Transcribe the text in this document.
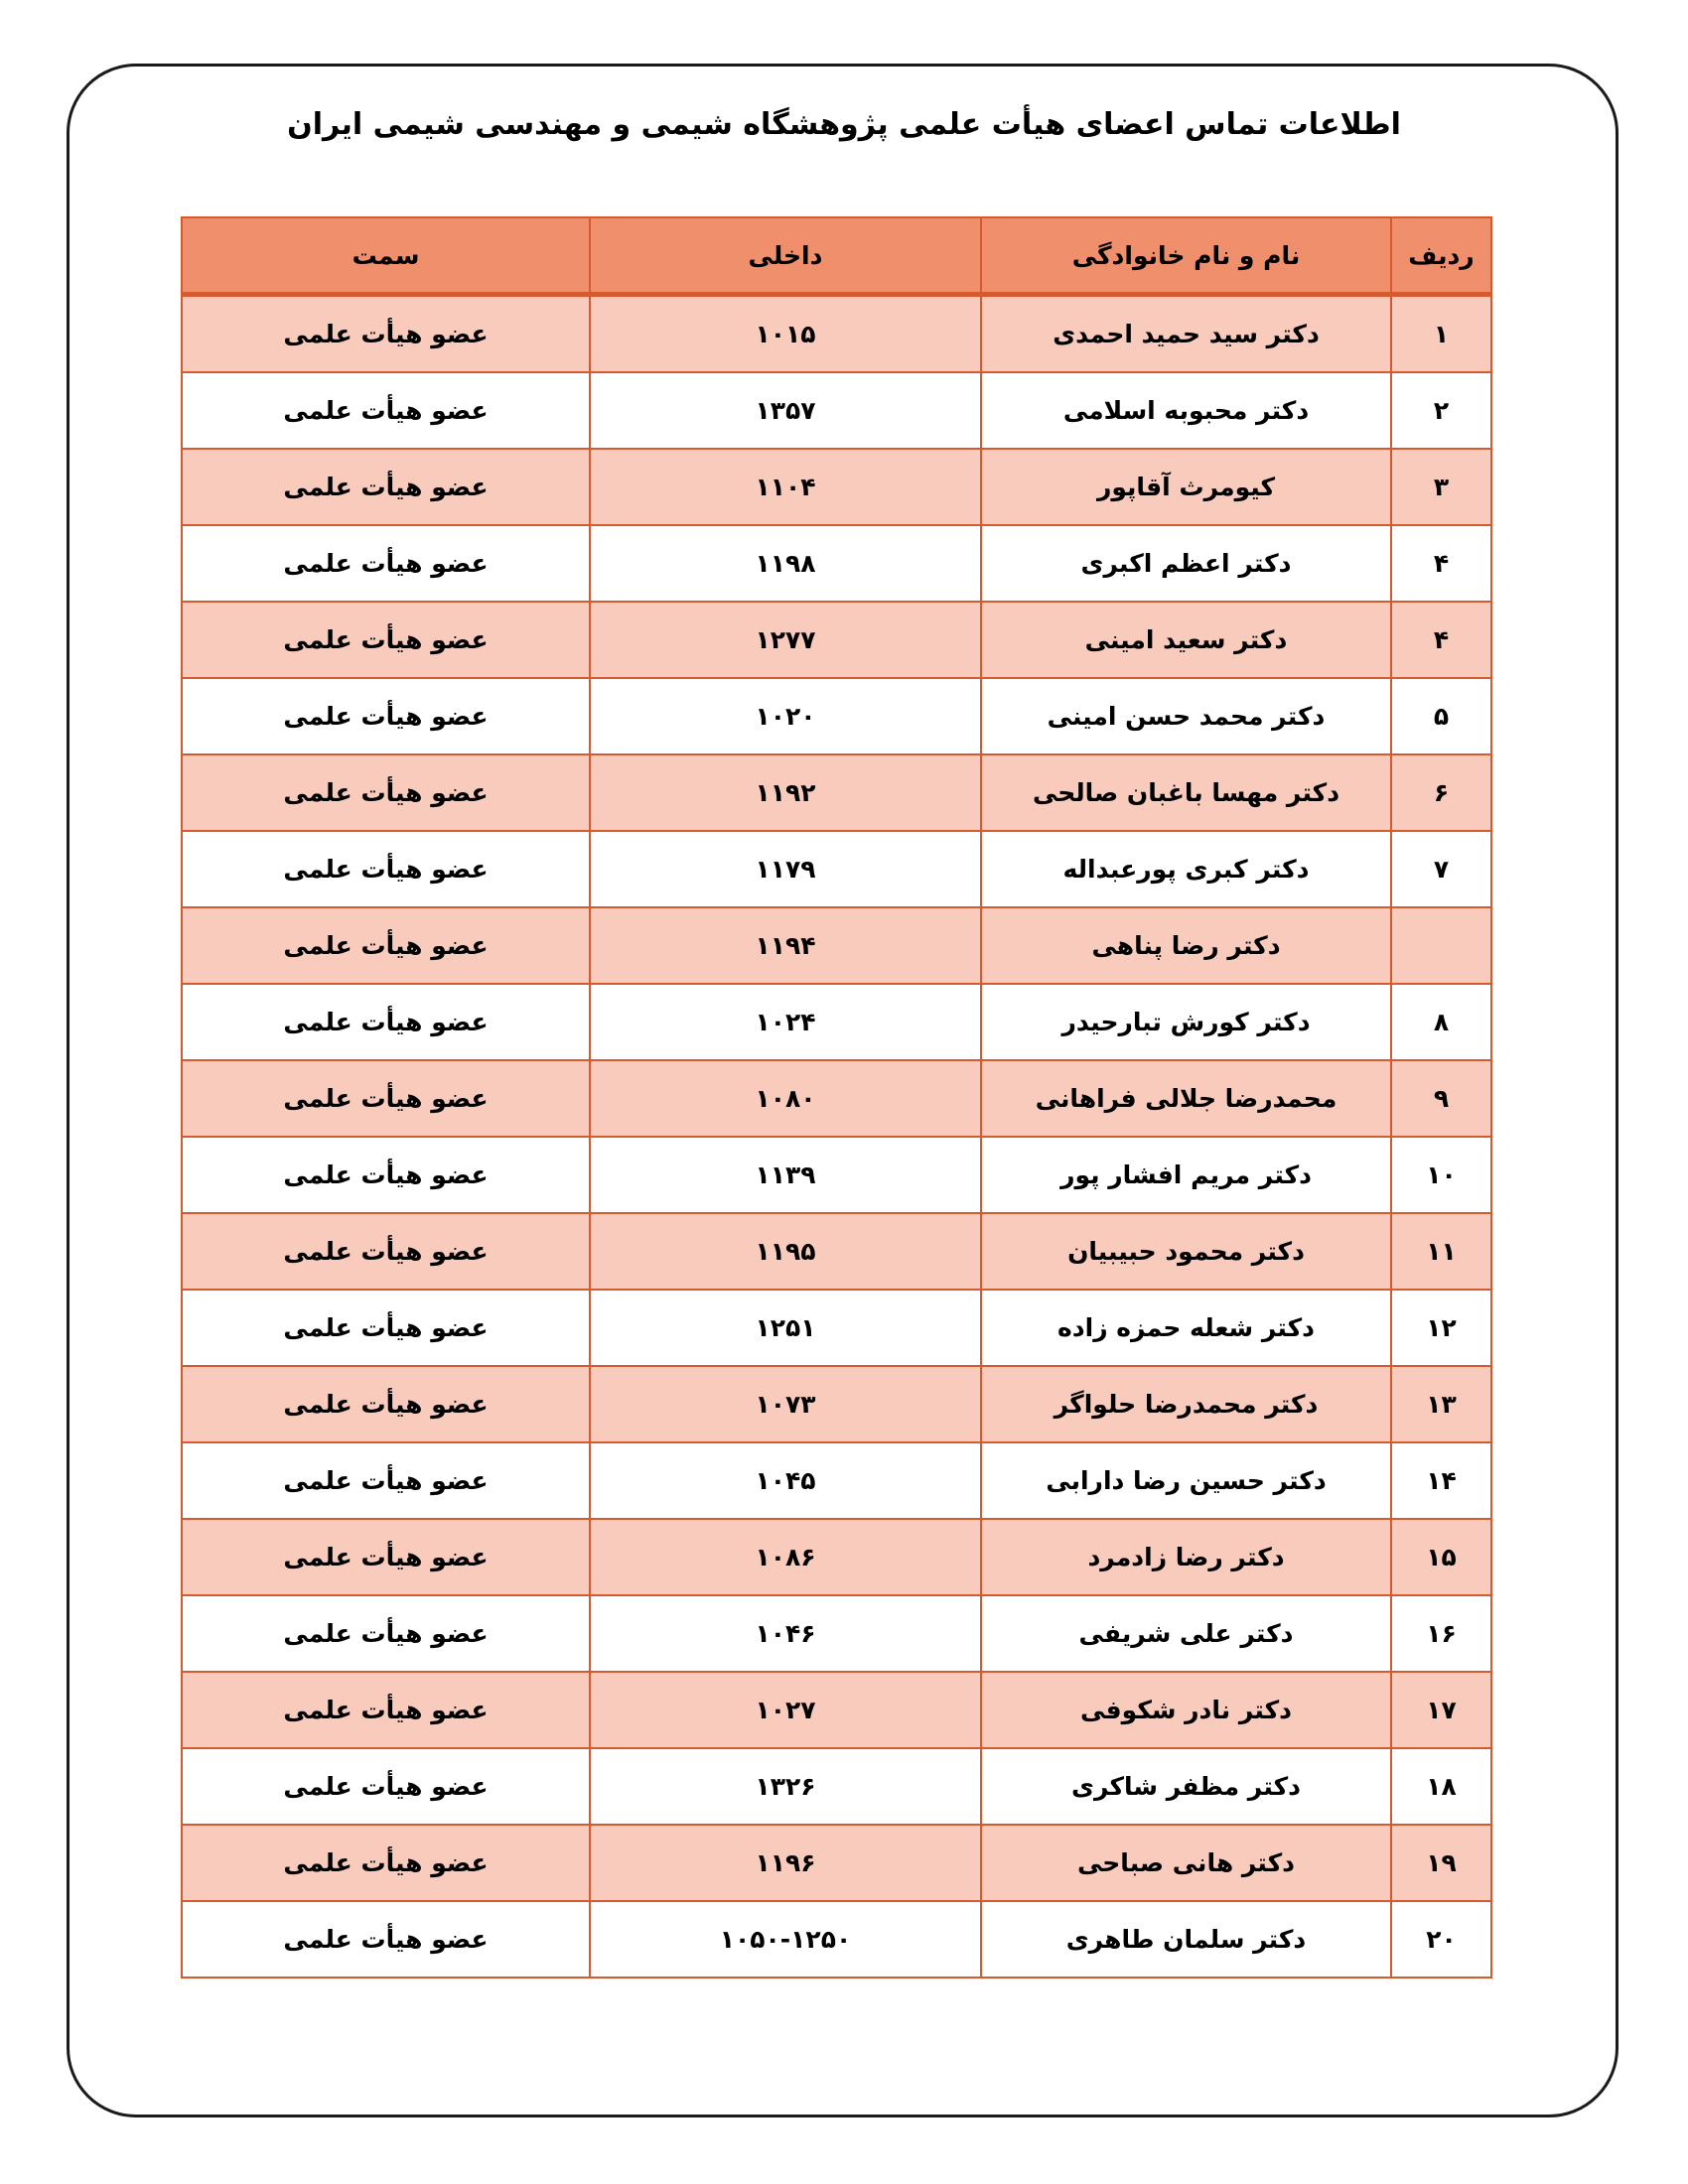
اطلاعات تماس اعضای هیأت علمی پژوهشگاه شیمی و مهندسی شیمی ایران
ردیف	نام و نام خانوادگی	داخلی	سمت
۱	دکتر سید حمید احمدی	۱۰۱۵	عضو هیأت علمی
۲	دکتر محبوبه اسلامی	۱۳۵۷	عضو هیأت علمی
۳	کیومرث آقاپور	۱۱۰۴	عضو هیأت علمی
۴	دکتر اعظم اکبری	۱۱۹۸	عضو هیأت علمی
۴	دکتر سعید امینی	۱۲۷۷	عضو هیأت علمی
۵	دکتر محمد حسن امینی	۱۰۲۰	عضو هیأت علمی
۶	دکتر مهسا باغبان صالحی	۱۱۹۲	عضو هیأت علمی
۷	دکتر کبری پورعبداله	۱۱۷۹	عضو هیأت علمی
	دکتر رضا پناهی	۱۱۹۴	عضو هیأت علمی
۸	دکتر کورش تبارحیدر	۱۰۲۴	عضو هیأت علمی
۹	محمدرضا جلالی فراهانی	۱۰۸۰	عضو هیأت علمی
۱۰	دکتر مریم افشار پور	۱۱۳۹	عضو هیأت علمی
۱۱	دکتر محمود حبیبیان	۱۱۹۵	عضو هیأت علمی
۱۲	دکتر شعله حمزه زاده	۱۲۵۱	عضو هیأت علمی
۱۳	دکتر محمدرضا حلواگر	۱۰۷۳	عضو هیأت علمی
۱۴	دکتر حسین رضا دارابی	۱۰۴۵	عضو هیأت علمی
۱۵	دکتر رضا زادمرد	۱۰۸۶	عضو هیأت علمی
۱۶	دکتر علی شریفی	۱۰۴۶	عضو هیأت علمی
۱۷	دکتر نادر شکوفی	۱۰۲۷	عضو هیأت علمی
۱۸	دکتر مظفر شاکری	۱۳۲۶	عضو هیأت علمی
۱۹	دکتر هانی صباحی	۱۱۹۶	عضو هیأت علمی
۲۰	دکتر سلمان طاهری	۱۰۵۰-۱۲۵۰	عضو هیأت علمی
